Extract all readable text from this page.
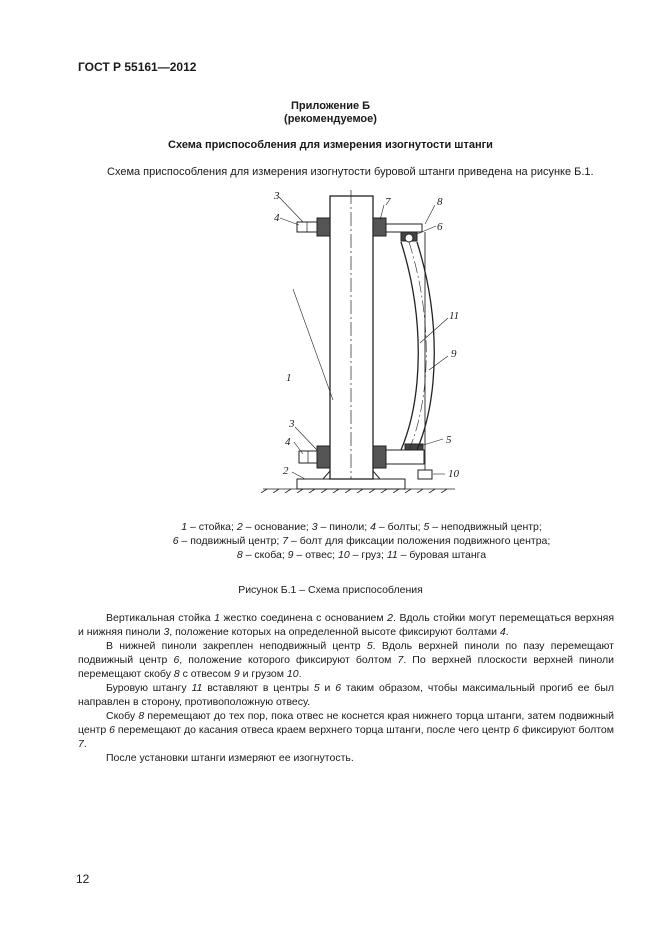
ГОСТ Р 55161—2012
Приложение Б
(рекомендуемое)
Схема приспособления для измерения изогнутости штанги
Схема приспособления для измерения изогнутости буровой штанги приведена на рисунке Б.1.
3
4
1
3
4
2
7	8
6
11
9
5
10
1 – стойка; 2 – основание; 3 – пиноли; 4 – болты; 5 – неподвижный центр;
6 – подвижный центр; 7 – болт для фиксации положения подвижного центра;
8 – скоба; 9 – отвес; 10 – груз; 11 – буровая штанга
Рисунок Б.1 – Схема приспособления

Вертикальная стойка 1 жестко соединена с основанием 2. Вдоль стойки могут перемещаться верхняя и нижняя пиноли 3, положение которых на определенной высоте фиксируют болтами 4.

В нижней пиноли закреплен неподвижный центр 5. Вдоль верхней пиноли по пазу перемещают подвижный центр 6, положение которого фиксируют болтом 7. По верхней плоскости верхней пиноли перемещают скобу 8 с отвесом 9 и грузом 10.

Буровую штангу 11 вставляют в центры 5 и 6 таким образом, чтобы максимальный прогиб ее был направлен в сторону, противоположную отвесу.

Скобу 8 перемещают до тех пор, пока отвес не коснется края нижнего торца штанги, затем подвижный центр 6 перемещают до касания отвеса краем верхнего торца штанги, после чего центр 6 фиксируют болтом 7.

После установки штанги измеряют ее изогнутость.

12
